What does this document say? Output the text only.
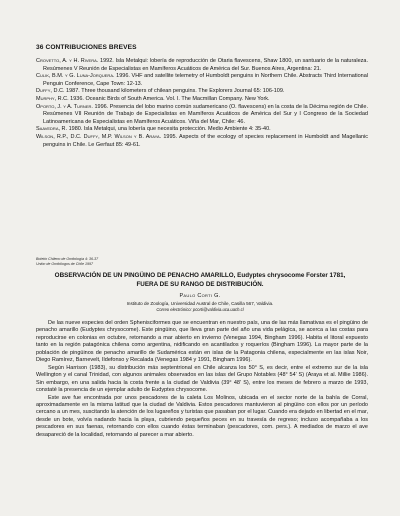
36 CONTRIBUCIONES BREVES

Crovetto, A. y H. Rivera. 1992. Isla Metalqui: lobería de reproducción de Otaria flavescens, Shaw 1800, un santuario de la naturaleza. Resúmenes V Reunión de Especialistas en Mamíferos Acuáticos de América del Sur. Buenos Aires, Argentina: 21.

Culik, B.M. y G. Luna-Jorquera. 1996. VHF and satellite telemetry of Humboldt penguins in Northern Chile. Abstracts Third International Penguin Conference, Cape Town: 12-13.

Duffy, D.C. 1987. Three thousand kilometers of chilean penguins. The Explorers Journal 65: 106-109.

Murphy, R.C. 1936. Oceanic Birds of South America. Vol. I. The Macmillan Company. New York.

Oporto, J. y A. Turner. 1996. Presencia del lobo marino común sudamericano (O. flavescens) en la costa de la Décima región de Chile. Resúmenes VII Reunión de Trabajo de Especialistas en Mamíferos Acuáticos de América del Sur y I Congreso de la Sociedad Latinoamericana de Especialistas en Mamíferos Acuáticos. Viña del Mar, Chile: 46.

Saavedra, R. 1980. Isla Metalqui, una lobería que necesita protección. Medio Ambiente 4: 35-40.

Wilson, R.P., D.C. Duffy, M.P. Wilson y B. Araya. 1995. Aspects of the ecology of species replacement in Humboldt and Magellanic penguins in Chile. Le Gerfaut 85: 49-61.

Boletín Chileno de Ornitología 4: 36-37
Unión de Ornitólogos de Chile 1997
OBSERVACIÓN DE UN PINGÜINO DE PENACHO AMARILLO, Eudyptes chrysocome Forster 1781, FUERA DE SU RANGO DE DISTRIBUCIÓN.
Paulo Corti G.
Instituto de Zoología, Universidad Austral de Chile, Casilla 567, Valdivia.
Correo electrónico: pcorti@valdivia.uca.uach.cl

De las nueve especies del orden Sphenisciformes que se encuentran en nuestro país, una de las más llamativas es el pingüino de penacho amarillo (Eudyptes chrysocome). Este pingüino, que lleva gran parte del año una vida pelágica, se acerca a las costas para reproducirse en colonias en octubre, retornando a mar abierto en invierno (Venegas 1994, Bingham 1996). Habita el litoral expuesto tanto en la región patagónica chilena como argentina, nidificando en acantilados y roqueríos (Bingham 1996). La mayor parte de la población de pingüinos de penacho amarillo de Sudamérica están en islas de la Patagonia chilena, especialmente en las islas Noir, Diego Ramírez, Barnevelt, Ildefonso y Recalada (Venegas 1984 y 1991, Bingham 1996).

Según Harrison (1983), su distribución más septentrional en Chile alcanza los 50° S, es decir, entre el extremo sur de la isla Wellington y el canal Trinidad, con algunos animales observados en las islas del Grupo Notables (48° 54' S) (Araya et al. Millie 1986). Sin embargo, en una salida hacia la costa frente a la ciudad de Valdivia (39° 48' S), entre los meses de febrero a marzo de 1993, constaté la presencia de un ejemplar adulto de Eudyptes chrysocome.

Este ave fue encontrada por unos pescadores de la caleta Los Molinos, ubicada en el sector norte de la bahía de Corral, aproximadamente en la misma latitud que la ciudad de Valdivia. Estos pescadores mantuvieron al pingüino con ellos por un período cercano a un mes, suscitando la atención de los lugareños y turistas que pasaban por el lugar. Cuando era dejado en libertad en el mar, desde un bote, volvía nadando hacia la playa, cubriendo pequeños peces en su travesía de regreso; incluso acompañaba a los pescadores en sus faenas, retornando con ellos cuando éstas terminaban (pescadores, com. pers.). A mediados de marzo el ave desapareció de la localidad, retornando al parecer a mar abierto.
